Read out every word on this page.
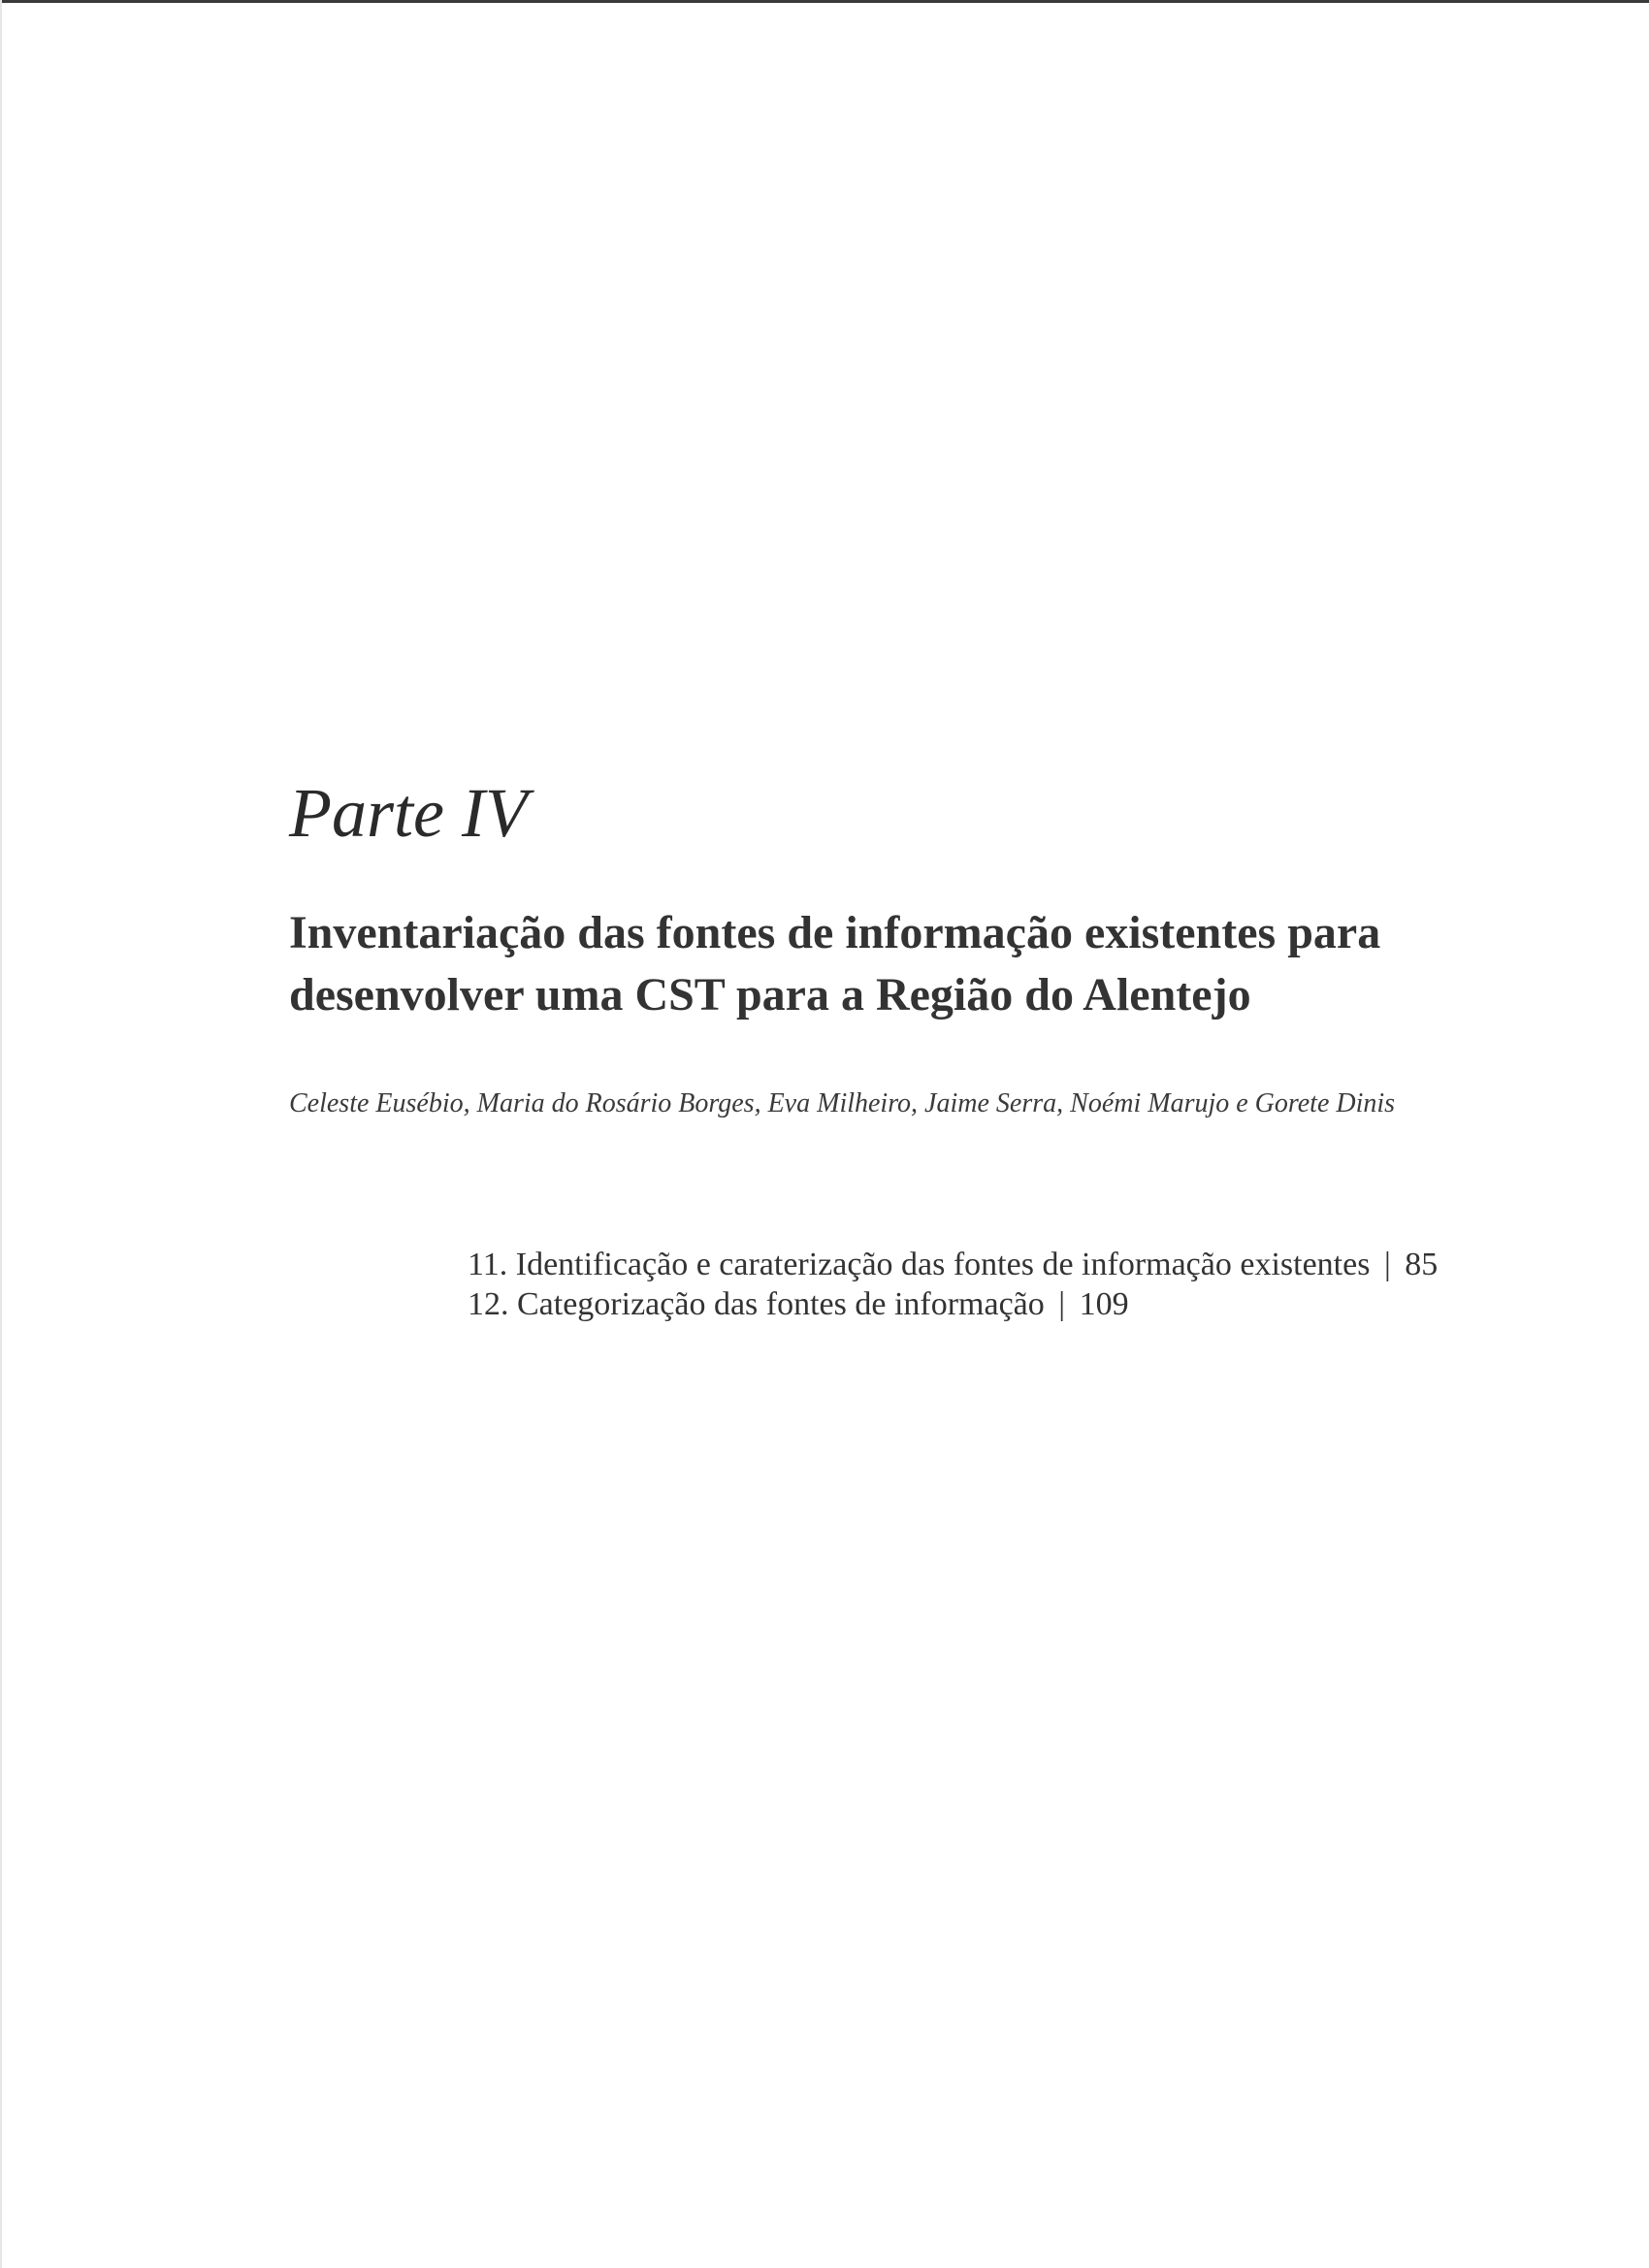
Parte IV
Inventariação das fontes de informação existentes para
desenvolver uma CST para a Região do Alentejo

Celeste Eusébio, Maria do Rosário Borges, Eva Milheiro, Jaime Serra, Noémi Marujo e Gorete Dinis

11. Identificação e caraterização das fontes de informação existentes | 85
12. Categorização das fontes de informação | 109
